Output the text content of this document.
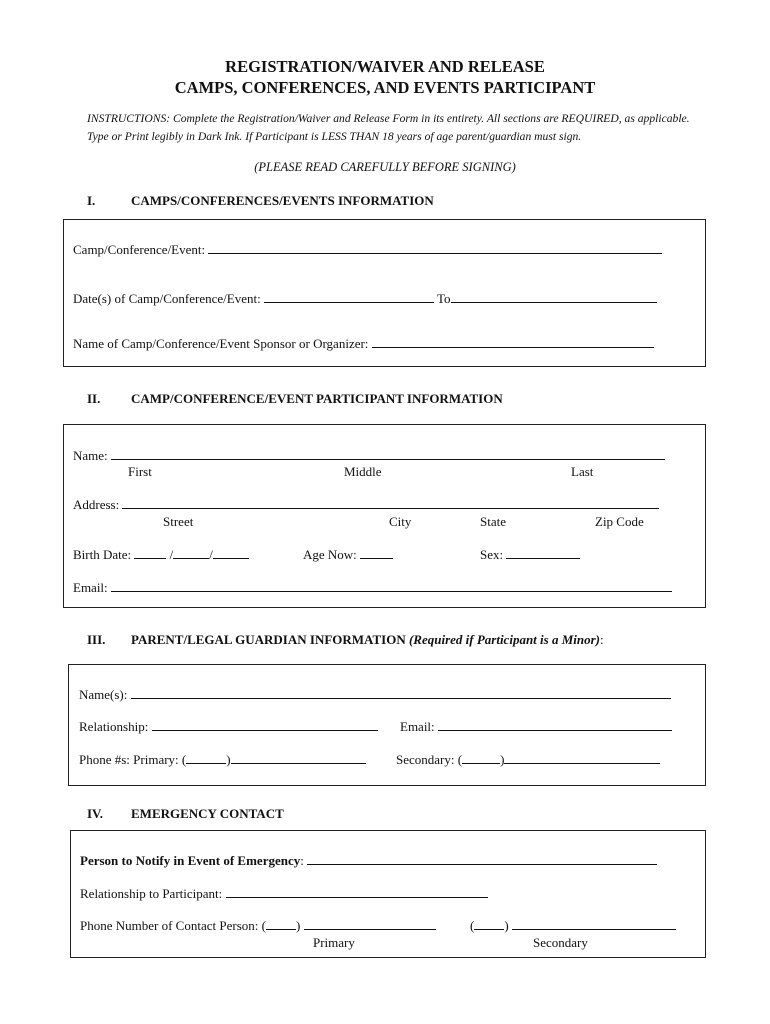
REGISTRATION/WAIVER AND RELEASE
CAMPS, CONFERENCES, AND EVENTS PARTICIPANT
INSTRUCTIONS: Complete the Registration/Waiver and Release Form in its entirety. All sections are REQUIRED, as applicable. Type or Print legibly in Dark Ink. If Participant is LESS THAN 18 years of age parent/guardian must sign.
(PLEASE READ CAREFULLY BEFORE SIGNING)
I.	CAMPS/CONFERENCES/EVENTS INFORMATION
Camp/Conference/Event:
Date(s) of Camp/Conference/Event:	To
Name of Camp/Conference/Event Sponsor or Organizer:
II. CAMP/CONFERENCE/EVENT PARTICIPANT INFORMATION
Name:
First	Middle	Last
Address:
Street	City	State	Zip Code
Birth Date:	/	/	Age Now:	Sex:
Email:
III. PARENT/LEGAL GUARDIAN INFORMATION (Required if Participant is a Minor):
Name(s):
Relationship:	Email:
Phone #s: Primary: (	)	Secondary: (	)
IV. EMERGENCY CONTACT
Person to Notify in Event of Emergency:
Relationship to Participant:
Phone Number of Contact Person: ( )	( )
Primary	Secondary
